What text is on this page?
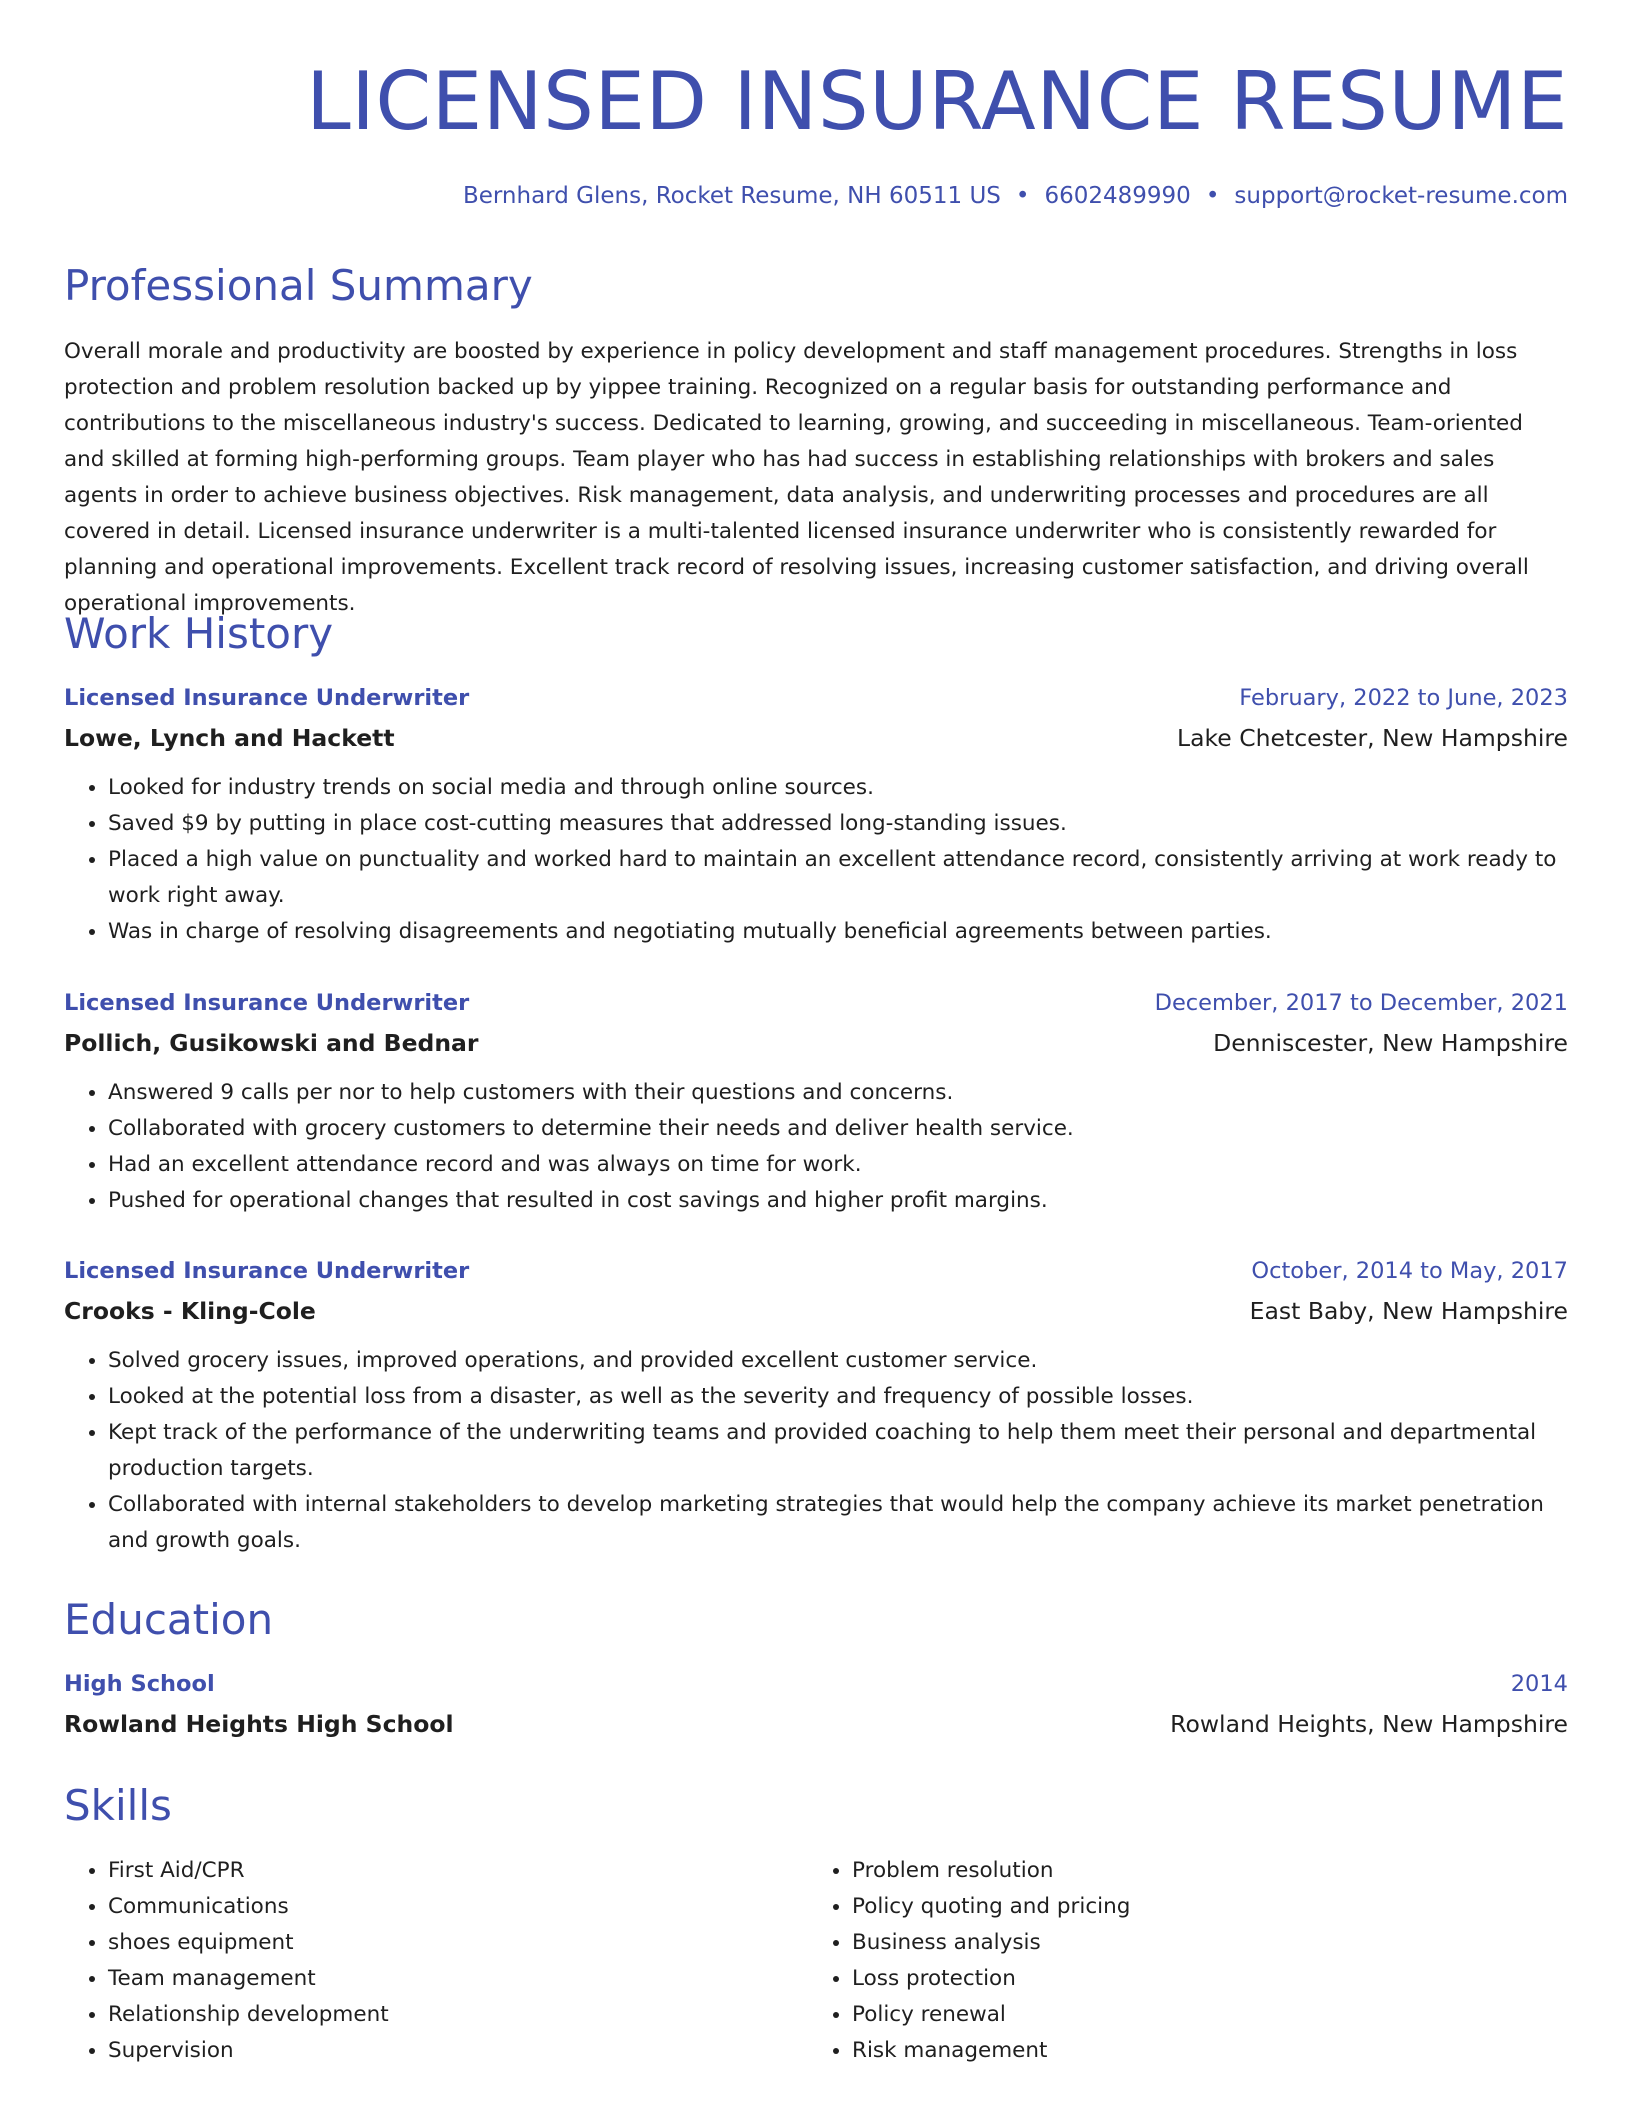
LICENSED INSURANCE RESUME

Bernhard Glens, Rocket Resume, NH 60511 US • 6602489990 • support@rocket-resume.com

Professional Summary

Overall morale and productivity are boosted by experience in policy development and staff management procedures. Strengths in loss protection and problem resolution backed up by yippee training. Recognized on a regular basis for outstanding performance and contributions to the miscellaneous industry's success. Dedicated to learning, growing, and succeeding in miscellaneous. Team-oriented and skilled at forming high-performing groups. Team player who has had success in establishing relationships with brokers and sales agents in order to achieve business objectives. Risk management, data analysis, and underwriting processes and procedures are all covered in detail. Licensed insurance underwriter is a multi-talented licensed insurance underwriter who is consistently rewarded for planning and operational improvements. Excellent track record of resolving issues, increasing customer satisfaction, and driving overall operational improvements.

Work History
Licensed Insurance Underwriter	February, 2022 to June, 2023
Lowe, Lynch and Hackett	Lake Chetcester, New Hampshire
• Looked for industry trends on social media and through online sources.
• Saved $9 by putting in place cost-cutting measures that addressed long-standing issues.
• Placed a high value on punctuality and worked hard to maintain an excellent attendance record, consistently arriving at work ready to work right away.
• Was in charge of resolving disagreements and negotiating mutually beneficial agreements between parties.
Licensed Insurance Underwriter	December, 2017 to December, 2021
Pollich, Gusikowski and Bednar	Denniscester, New Hampshire
• Answered 9 calls per nor to help customers with their questions and concerns.
• Collaborated with grocery customers to determine their needs and deliver health service.
• Had an excellent attendance record and was always on time for work.
• Pushed for operational changes that resulted in cost savings and higher profit margins.
Licensed Insurance Underwriter	October, 2014 to May, 2017
Crooks - Kling-Cole	East Baby, New Hampshire
• Solved grocery issues, improved operations, and provided excellent customer service.
• Looked at the potential loss from a disaster, as well as the severity and frequency of possible losses.
• Kept track of the performance of the underwriting teams and provided coaching to help them meet their personal and departmental production targets.
• Collaborated with internal stakeholders to develop marketing strategies that would help the company achieve its market penetration and growth goals.
Education
High School	2014
Rowland Heights High School	Rowland Heights, New Hampshire
Skills
• First Aid/CPR
• Communications
• shoes equipment
• Team management
• Relationship development
• Supervision
• Problem resolution
• Policy quoting and pricing
• Business analysis
• Loss protection
• Policy renewal
• Risk management
